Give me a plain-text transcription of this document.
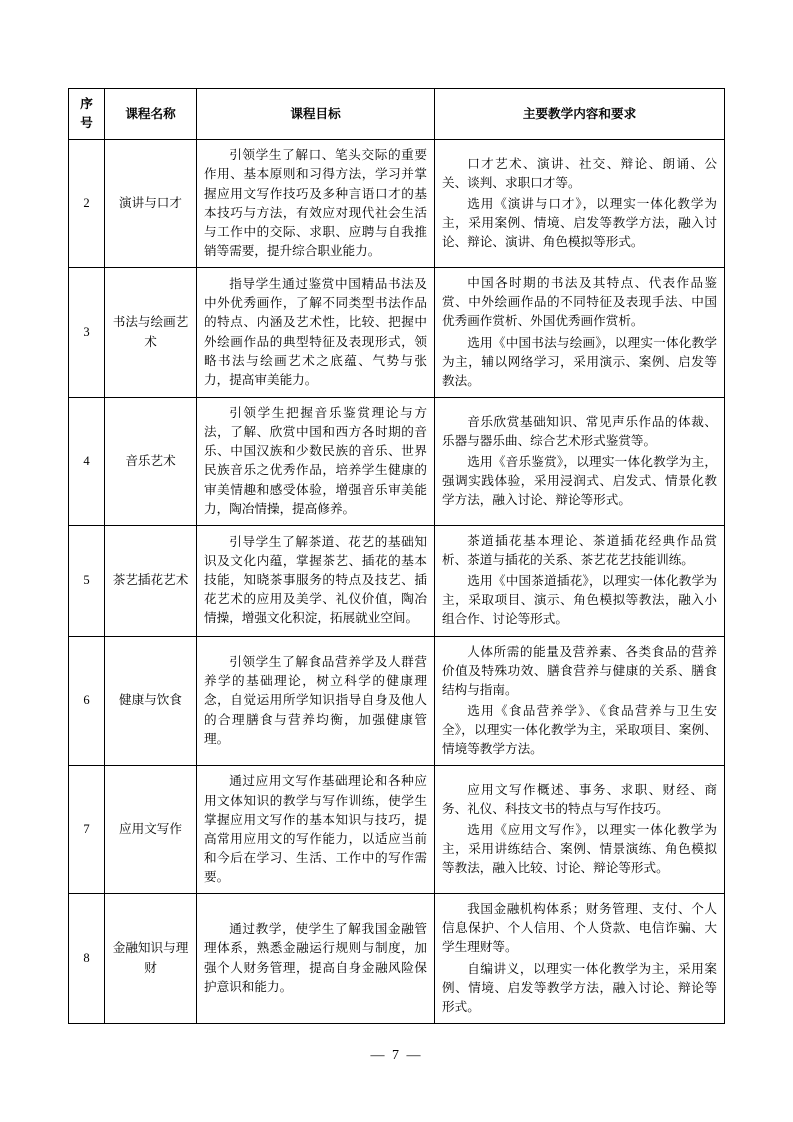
序号	课程名称	课程目标	主要教学内容和要求
2	演讲与口才	引领学生了解口、笔头交际的重要作用、基本原则和习得方法，学习并掌握应用文写作技巧及多种言语口才的基本技巧与方法，有效应对现代社会生活与工作中的交际、求职、应聘与自我推销等需要，提升综合职业能力。	口才艺术、演讲、社交、辩论、朗诵、公关、谈判、求职口才等。

选用《演讲与口才》，以理实一体化教学为主，采用案例、情境、启发等教学方法，融入讨论、辩论、演讲、角色模拟等形式。

3	书法与绘画艺术	指导学生通过鉴赏中国精品书法及中外优秀画作，了解不同类型书法作品的特点、内涵及艺术性，比较、把握中外绘画作品的典型特征及表现形式，领略书法与绘画艺术之底蕴、气势与张力，提高审美能力。	中国各时期的书法及其特点、代表作品鉴赏、中外绘画作品的不同特征及表现手法、中国优秀画作赏析、外国优秀画作赏析。

选用《中国书法与绘画》，以理实一体化教学为主，辅以网络学习，采用演示、案例、启发等教法。

4	音乐艺术	引领学生把握音乐鉴赏理论与方法，了解、欣赏中国和西方各时期的音乐、中国汉族和少数民族的音乐、世界民族音乐之优秀作品，培养学生健康的审美情趣和感受体验，增强音乐审美能力，陶冶情操，提高修养。	音乐欣赏基础知识、常见声乐作品的体裁、乐器与器乐曲、综合艺术形式鉴赏等。

选用《音乐鉴赏》，以理实一体化教学为主，强调实践体验，采用浸润式、启发式、情景化教学方法，融入讨论、辩论等形式。

5	茶艺插花艺术	引导学生了解茶道、花艺的基础知识及文化内蕴，掌握茶艺、插花的基本技能，知晓茶事服务的特点及技艺、插花艺术的应用及美学、礼仪价值，陶冶情操，增强文化积淀，拓展就业空间。	茶道插花基本理论、茶道插花经典作品赏析、茶道与插花的关系、茶艺花艺技能训练。

选用《中国茶道插花》，以理实一体化教学为主，采取项目、演示、角色模拟等教法，融入小组合作、讨论等形式。

6	健康与饮食	引领学生了解食品营养学及人群营养学的基础理论，树立科学的健康理念，自觉运用所学知识指导自身及他人的合理膳食与营养均衡，加强健康管理。	人体所需的能量及营养素、各类食品的营养价值及特殊功效、膳食营养与健康的关系、膳食结构与指南。

选用《食品营养学》、《食品营养与卫生安全》，以理实一体化教学为主，采取项目、案例、情境等教学方法。

7	应用文写作	通过应用文写作基础理论和各种应用文体知识的教学与写作训练，使学生掌握应用文写作的基本知识与技巧，提高常用应用文的写作能力，以适应当前和今后在学习、生活、工作中的写作需要。	应用文写作概述、事务、求职、财经、商务、礼仪、科技文书的特点与写作技巧。

选用《应用文写作》，以理实一体化教学为主，采用讲练结合、案例、情景演练、角色模拟等教法，融入比较、讨论、辩论等形式。

8	金融知识与理财	通过教学，使学生了解我国金融管理体系，熟悉金融运行规则与制度，加强个人财务管理，提高自身金融风险保护意识和能力。	我国金融机构体系；财务管理、支付、个人信息保护、个人信用、个人贷款、电信诈骗、大学生理财等。

自编讲义，以理实一体化教学为主，采用案例、情境、启发等教学方法，融入讨论、辩论等形式。

— 7 —
